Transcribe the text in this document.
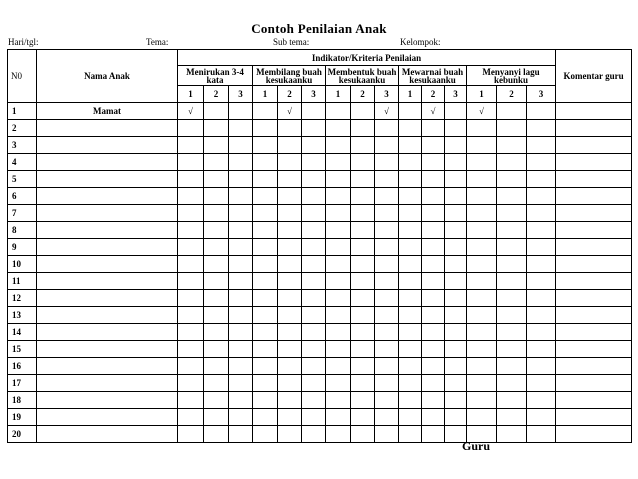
Contoh Penilaian Anak
Hari/tgl:	Tema:	Sub tema:	Kelompok:
N0	Nama Anak	Indikator/Kriteria Penilaian															Komentar guru
		Menirukan 3-4 kata			Membilang buah kesukaanku			Membentuk buah kesukaanku			Mewarnai buah kesukaanku			Menyanyi lagu kebunku			
		1	2	3	1	2	3	1	2	3	1	2	3	1	2	3	
1	Mamat	√				√				√		√		√			
2																	
3																	
4																	
5																	
6																	
7																	
8																	
9																	
10																	
11																	
12																	
13																	
14																	
15																	
16																	
17																	
18																	
19																	
20																	
Guru
